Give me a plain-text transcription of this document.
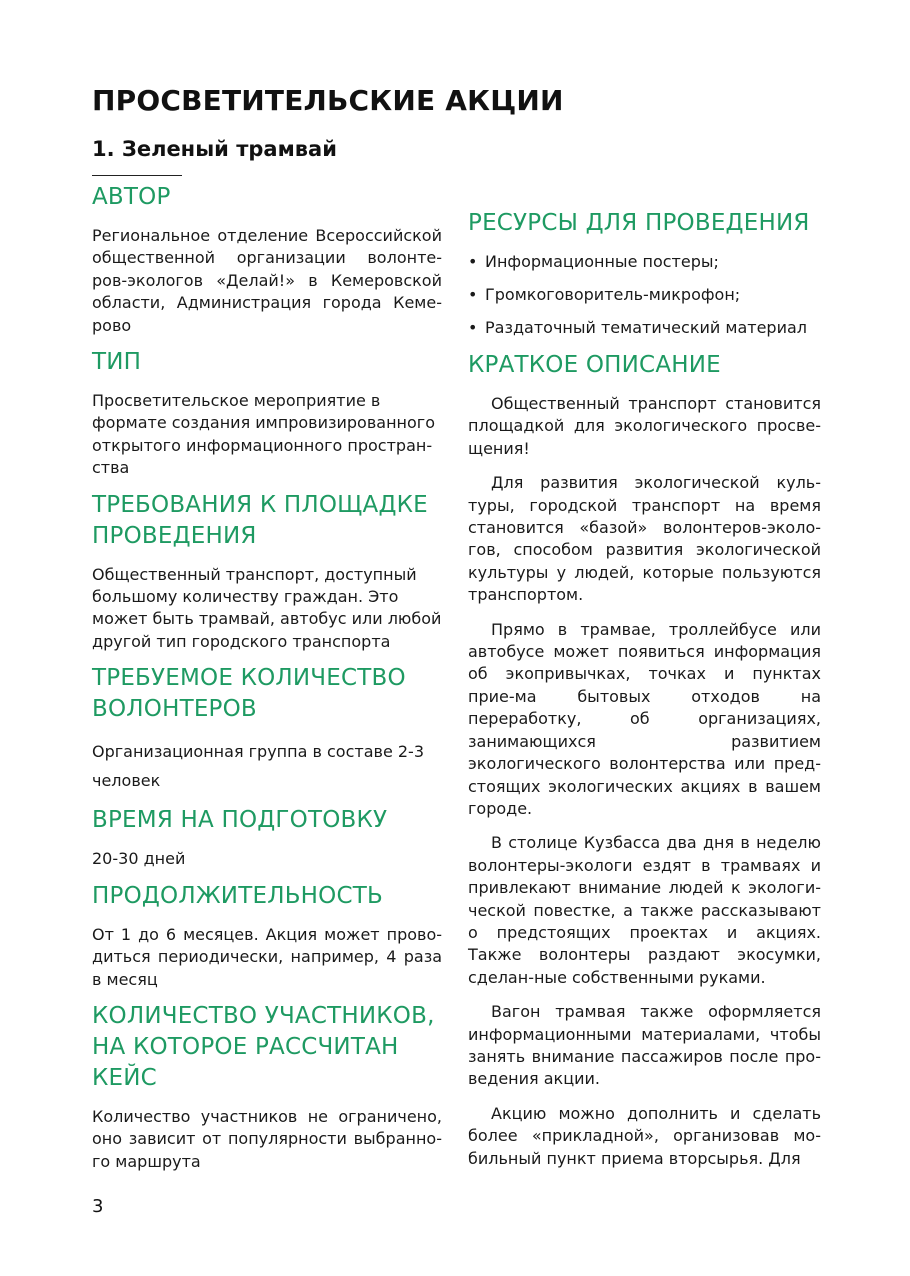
ПРОСВЕТИТЕЛЬСКИЕ АКЦИИ
1. Зеленый трамвай
АВТОР

Региональное отделение Всероссийской общественной организации волонте-ров-экологов «Делай!» в Кемеровской области, Администрация города Кеме-рово

ТИП

Просветительское мероприятие в формате создания импровизированного открытого информационного простран-ства

ТРЕБОВАНИЯ К ПЛОЩАДКЕ ПРОВЕДЕНИЯ

Общественный транспорт, доступный большому количеству граждан. Это может быть трамвай, автобус или любой другой тип городского транспорта

ТРЕБУЕМОЕ КОЛИЧЕСТВО ВОЛОНТЕРОВ

Организационная группа в составе 2-3 человек

ВРЕМЯ НА ПОДГОТОВКУ

20-30 дней

ПРОДОЛЖИТЕЛЬНОСТЬ

От 1 до 6 месяцев. Акция может прово-диться периодически, например, 4 раза в месяц

КОЛИЧЕСТВО УЧАСТНИКОВ, НА КОТОРОЕ РАССЧИТАН КЕЙС

Количество участников не ограничено, оно зависит от популярности выбранно-го маршрута

РЕСУРСЫ ДЛЯ ПРОВЕДЕНИЯ
• Информационные постеры;
• Громкоговоритель-микрофон;
• Раздаточный тематический материал
КРАТКОЕ ОПИСАНИЕ

Общественный транспорт становится площадкой для экологического просве-щения!

Для развития экологической куль-туры, городской транспорт на время становится «базой» волонтеров-эколо-гов, способом развития экологической культуры у людей, которые пользуются транспортом.

Прямо в трамвае, троллейбусе или автобусе может появиться информация об экопривычках, точках и пунктах прие-ма бытовых отходов на переработку, об организациях, занимающихся развитием экологического волонтерства или пред-стоящих экологических акциях в вашем городе.

В столице Кузбасса два дня в неделю волонтеры-экологи ездят в трамваях и привлекают внимание людей к экологи-ческой повестке, а также рассказывают о предстоящих проектах и акциях. Также волонтеры раздают экосумки, сделан-ные собственными руками.

Вагон трамвая также оформляется информационными материалами, чтобы занять внимание пассажиров после про-ведения акции.

Акцию можно дополнить и сделать более «прикладной», организовав мо-бильный пункт приема вторсырья. Для

3
